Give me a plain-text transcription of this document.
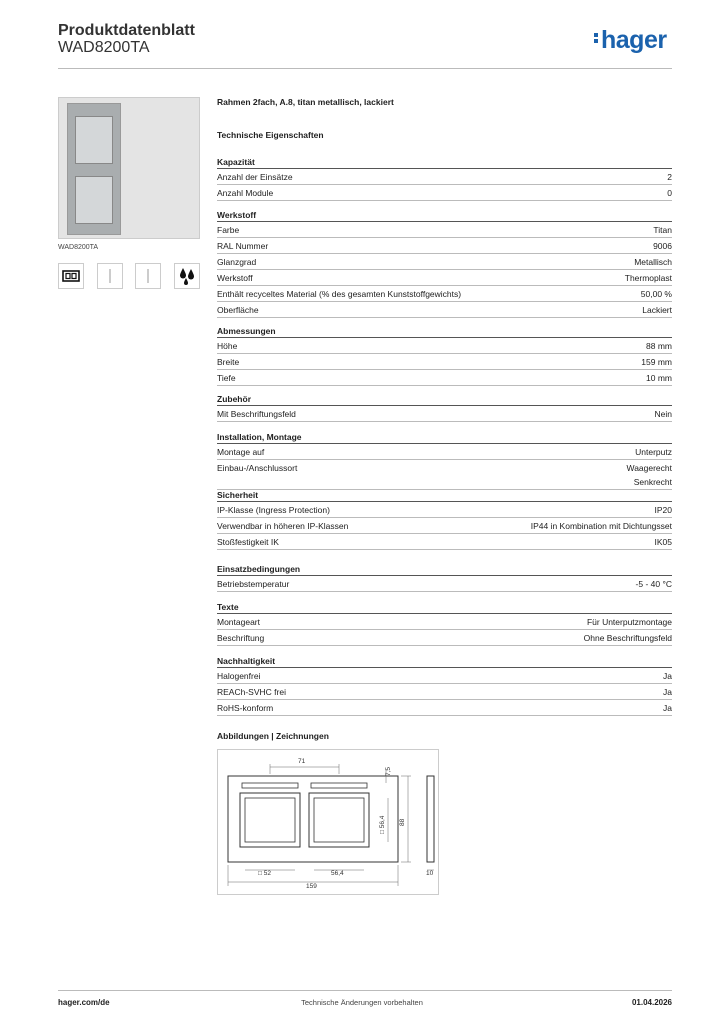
Produktdatenblatt
WAD8200TA	hager
WAD8200TA
Rahmen 2fach, A.8, titan metallisch, lackiert
Technische Eigenschaften
Kapazität
Anzahl der Einsätze	2
Anzahl Module	0
Werkstoff
Farbe	Titan
RAL Nummer	9006
Glanzgrad	Metallisch
Werkstoff	Thermoplast
Enthält recyceltes Material (% des gesamten Kunststoffgewichts)	50,00 %
Oberfläche	Lackiert
Abmessungen
Höhe	88 mm
Breite	159 mm
Tiefe	10 mm
Zubehör
Mit Beschriftungsfeld	Nein
Installation, Montage
Montage auf	Unterputz
Einbau-/Anschlussort	Waagerecht
Senkrecht
Sicherheit
IP-Klasse (Ingress Protection)	IP20
Verwendbar in höheren IP-Klassen	IP44 in Kombination mit Dichtungsset
Stoßfestigkeit IK	IK05
Einsatzbedingungen
Betriebstemperatur	-5 - 40 °C
Texte
Montageart	Für Unterputzmontage
Beschriftung	Ohne Beschriftungsfeld
Nachhaltigkeit
Halogenfrei	Ja
REACh-SVHC frei	Ja
RoHS-konform	Ja
Abbildungen | Zeichnungen
71
7,5
□ 56,4 88
□ 52	56,4
159
10
hager.com/de	Technische Änderungen vorbehalten	01.04.2026
